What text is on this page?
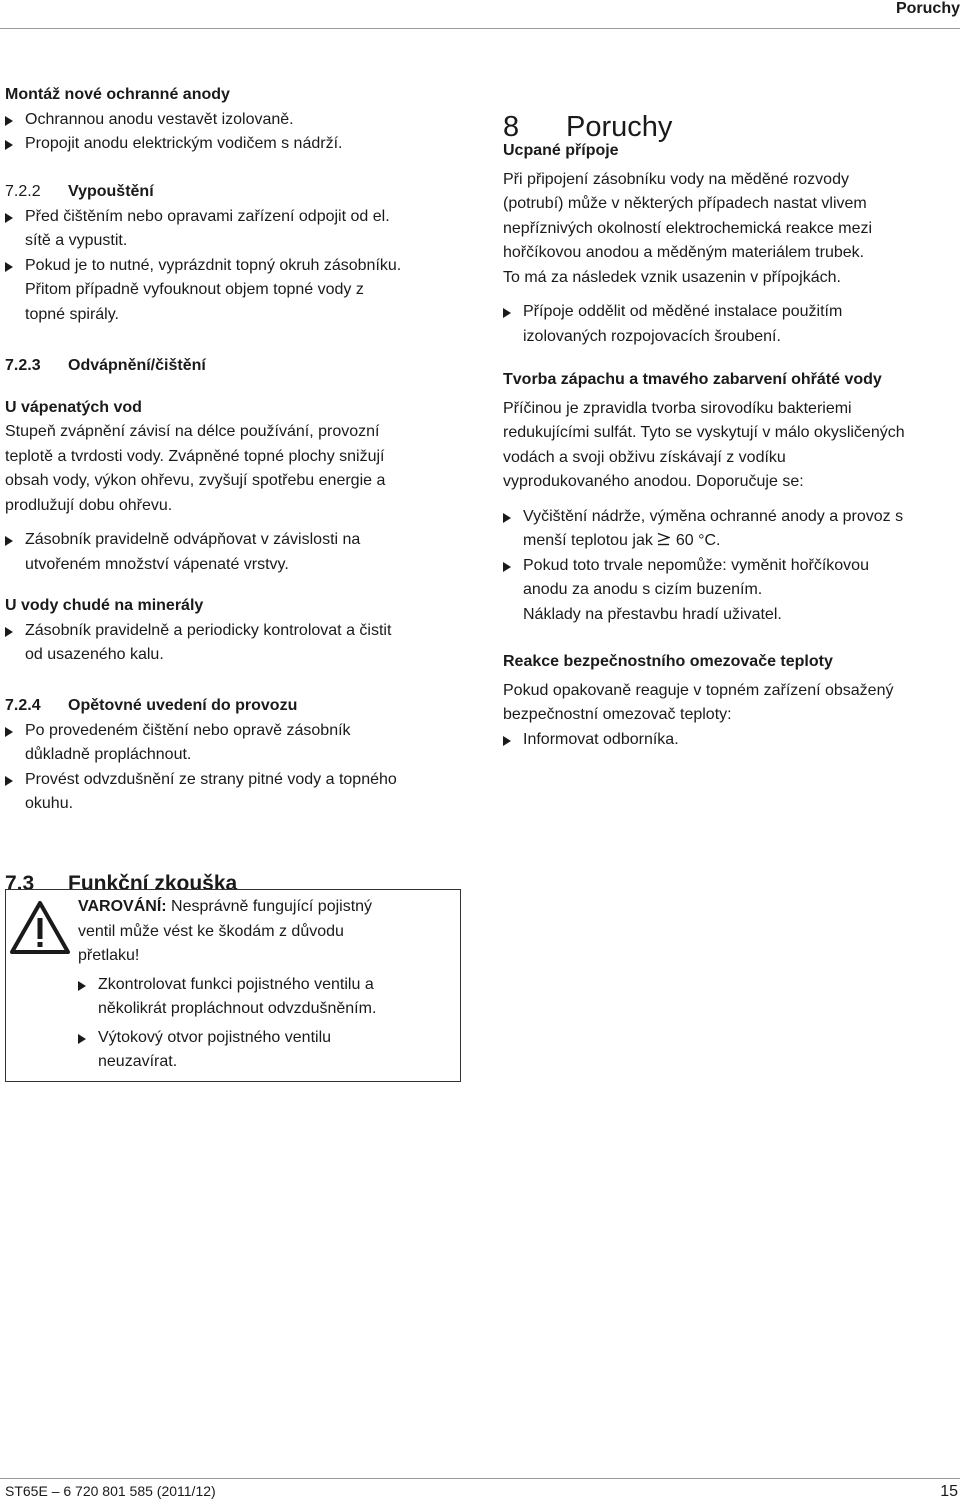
Poruchy

Montáž nové ochranné anody

Ochrannou anodu vestavět izolovaně.

Propojit anodu elektrickým vodičem s nádrží.

7.2.2 Vypouštění

Před čištěním nebo opravami zařízení odpojit od el.
sítě a vypustit.

Pokud je to nutné, vyprázdnit topný okruh zásobníku.
Přitom případně vyfouknout objem topné vody z
topné spirály.

7.2.3 Odvápnění/čištění

U vápenatých vod

Stupeň zvápnění závisí na délce používání, provozní
teplotě a tvrdosti vody. Zvápněné topné plochy snižují
obsah vody, výkon ohřevu, zvyšují spotřebu energie a
prodlužují dobu ohřevu.

Zásobník pravidelně odvápňovat v závislosti na
utvořeném množství vápenaté vrstvy.

U vody chudé na minerály

Zásobník pravidelně a periodicky kontrolovat a čistit
od usazeného kalu.

7.2.4 Opětovné uvedení do provozu

Po provedeném čištění nebo opravě zásobník
důkladně propláchnout.

Provést odvzdušnění ze strany pitné vody a topného
okuhu.

7.3 Funkční zkouška

VAROVÁNÍ: Nesprávně fungující pojistný
ventil může vést ke škodám z důvodu
přetlaku!

Zkontrolovat funkci pojistného ventilu a
několikrát propláchnout odvzdušněním.

Výtokový otvor pojistného ventilu
neuzavírat.

8 Poruchy

Ucpané přípoje

Při připojení zásobníku vody na měděné rozvody
(potrubí) může v některých případech nastat vlivem
nepříznivých okolností elektrochemická reakce mezi
hořčíkovou anodou a měděným materiálem trubek.
To má za následek vznik usazenin v přípojkách.

Přípoje oddělit od měděné instalace použitím
izolovaných rozpojovacích šroubení.

Tvorba zápachu a tmavého zabarvení ohřáté vody

Příčinou je zpravidla tvorba sirovodíku bakteriemi
redukujícími sulfát. Tyto se vyskytují v málo okysličených
vodách a svoji obživu získávají z vodíku
vyprodukovaného anodou. Doporučuje se:

Vyčištění nádrže, výměna ochranné anody a provoz s
menší teplotou jak 60 °C.

Pokud toto trvale nepomůže: vyměnit hořčíkovou
anodu za anodu s cizím buzením.
Náklady na přestavbu hradí uživatel.

Reakce bezpečnostního omezovače teploty

Pokud opakovaně reaguje v topném zařízení obsažený
bezpečnostní omezovač teploty:

Informovat odborníka.

ST65E – 6 720 801 585 (2011/12)	15
